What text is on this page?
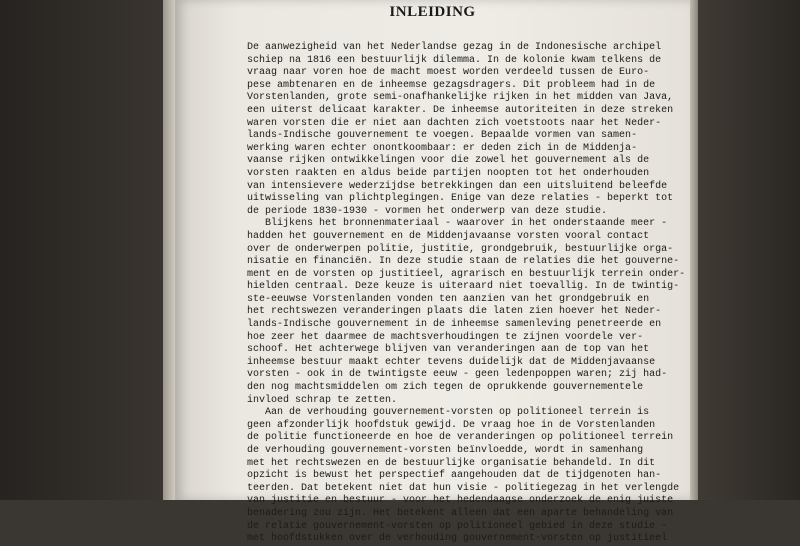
INLEIDING
De aanwezigheid van het Nederlandse gezag in de Indonesische archipel
schiep na 1816 een bestuurlijk dilemma. In de kolonie kwam telkens de
vraag naar voren hoe de macht moest worden verdeeld tussen de Euro-
pese ambtenaren en de inheemse gezagsdragers. Dit probleem had in de
Vorstenlanden, grote semi-onafhankelijke rijken in het midden van Java,
een uiterst delicaat karakter. De inheemse autoriteiten in deze streken
waren vorsten die er niet aan dachten zich voetstoots naar het Neder-
lands-Indische gouvernement te voegen. Bepaalde vormen van samen-
werking waren echter onontkoombaar: er deden zich in de Middenja-
vaanse rijken ontwikkelingen voor die zowel het gouvernement als de
vorsten raakten en aldus beide partijen noopten tot het onderhouden
van intensievere wederzijdse betrekkingen dan een uitsluitend beleefde
uitwisseling van plichtplegingen. Enige van deze relaties - beperkt tot
de periode 1830-1930 - vormen het onderwerp van deze studie.
Blijkens het bronnenmateriaal - waarover in het onderstaande meer -
hadden het gouvernement en de Middenjavaanse vorsten vooral contact
over de onderwerpen politie, justitie, grondgebruik, bestuurlijke orga-
nisatie en financiën. In deze studie staan de relaties die het gouverne-
ment en de vorsten op justitieel, agrarisch en bestuurlijk terrein onder-
hielden centraal. Deze keuze is uiteraard niet toevallig. In de twintig-
ste-eeuwse Vorstenlanden vonden ten aanzien van het grondgebruik en
het rechtswezen veranderingen plaats die laten zien hoever het Neder-
lands-Indische gouvernement in de inheemse samenleving penetreerde en
hoe zeer het daarmee de machtsverhoudingen te zijnen voordele ver-
schoof. Het achterwege blijven van veranderingen aan de top van het
inheemse bestuur maakt echter tevens duidelijk dat de Middenjavaanse
vorsten - ook in de twintigste eeuw - geen ledenpoppen waren; zij had-
den nog machtsmiddelen om zich tegen de oprukkende gouvernementele
invloed schrap te zetten.
Aan de verhouding gouvernement-vorsten op politioneel terrein is
geen afzonderlijk hoofdstuk gewijd. De vraag hoe in de Vorstenlanden
de politie functioneerde en hoe de veranderingen op politioneel terrein
de verhouding gouvernement-vorsten beïnvloedde, wordt in samenhang
met het rechtswezen en de bestuurlijke organisatie behandeld. In dit
opzicht is bewust het perspectief aangehouden dat de tijdgenoten han-
teerden. Dat betekent niet dat hun visie - politiegezag in het verlengde
van justitie en bestuur - voor het hedendaagse onderzoek de enig juiste
benadering zou zijn. Het betekent alleen dat een aparte behandeling van
de relatie gouvernement-vorsten op politioneel gebied in deze studie -
met hoofdstukken over de verhouding gouvernement-vorsten op justitieel
